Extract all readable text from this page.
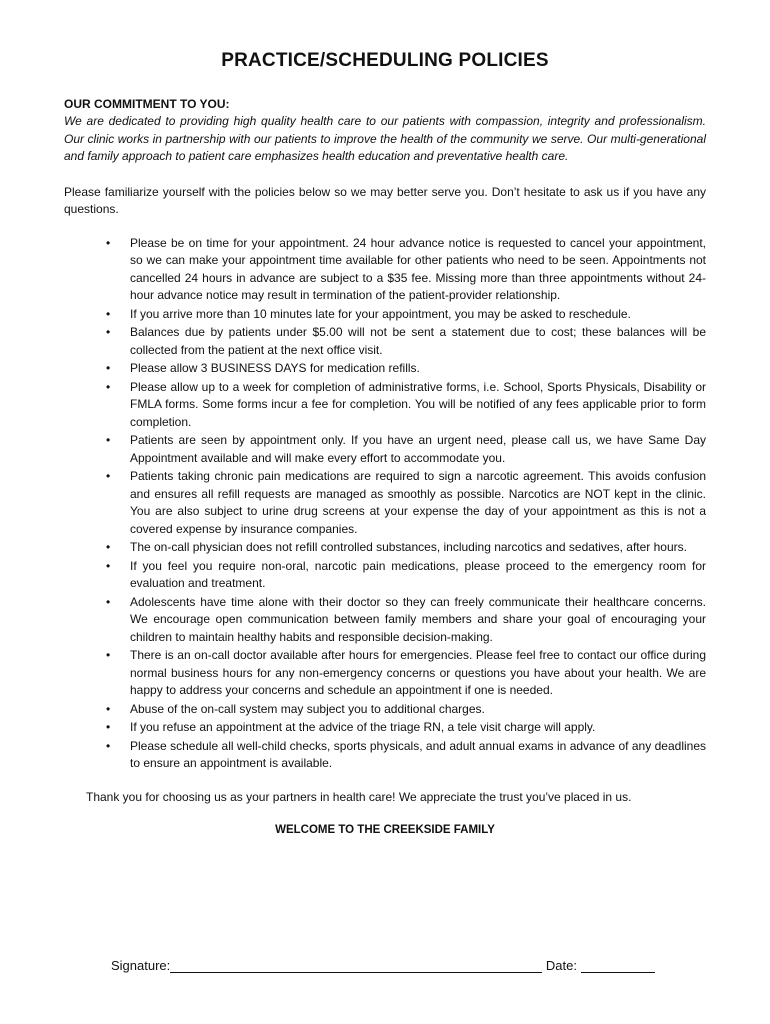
PRACTICE/SCHEDULING POLICIES

OUR COMMITMENT TO YOU:

We are dedicated to providing high quality health care to our patients with compassion, integrity and professionalism. Our clinic works in partnership with our patients to improve the health of the community we serve. Our multi-generational and family approach to patient care emphasizes health education and preventative health care.

Please familiarize yourself with the policies below so we may better serve you. Don’t hesitate to ask us if you have any questions.

• Please be on time for your appointment. 24 hour advance notice is requested to cancel your appointment, so we can make your appointment time available for other patients who need to be seen. Appointments not cancelled 24 hours in advance are subject to a $35 fee. Missing more than three appointments without 24-hour advance notice may result in termination of the patient-provider relationship.
• If you arrive more than 10 minutes late for your appointment, you may be asked to reschedule.
• Balances due by patients under $5.00 will not be sent a statement due to cost; these balances will be collected from the patient at the next office visit.
• Please allow 3 BUSINESS DAYS for medication refills.
• Please allow up to a week for completion of administrative forms, i.e. School, Sports Physicals, Disability or FMLA forms. Some forms incur a fee for completion. You will be notified of any fees applicable prior to form completion.
• Patients are seen by appointment only. If you have an urgent need, please call us, we have Same Day Appointment available and will make every effort to accommodate you.
• Patients taking chronic pain medications are required to sign a narcotic agreement. This avoids confusion and ensures all refill requests are managed as smoothly as possible. Narcotics are NOT kept in the clinic. You are also subject to urine drug screens at your expense the day of your appointment as this is not a covered expense by insurance companies.
• The on-call physician does not refill controlled substances, including narcotics and sedatives, after hours.
• If you feel you require non-oral, narcotic pain medications, please proceed to the emergency room for evaluation and treatment.
• Adolescents have time alone with their doctor so they can freely communicate their healthcare concerns. We encourage open communication between family members and share your goal of encouraging your children to maintain healthy habits and responsible decision-making.
• There is an on-call doctor available after hours for emergencies. Please feel free to contact our office during normal business hours for any non-emergency concerns or questions you have about your health. We are happy to address your concerns and schedule an appointment if one is needed.
• Abuse of the on-call system may subject you to additional charges.
• If you refuse an appointment at the advice of the triage RN, a tele visit charge will apply.
• Please schedule all well-child checks, sports physicals, and adult annual exams in advance of any deadlines to ensure an appointment is available.

Thank you for choosing us as your partners in health care! We appreciate the trust you’ve placed in us.

WELCOME TO THE CREEKSIDE FAMILY

Signature:	Date:
